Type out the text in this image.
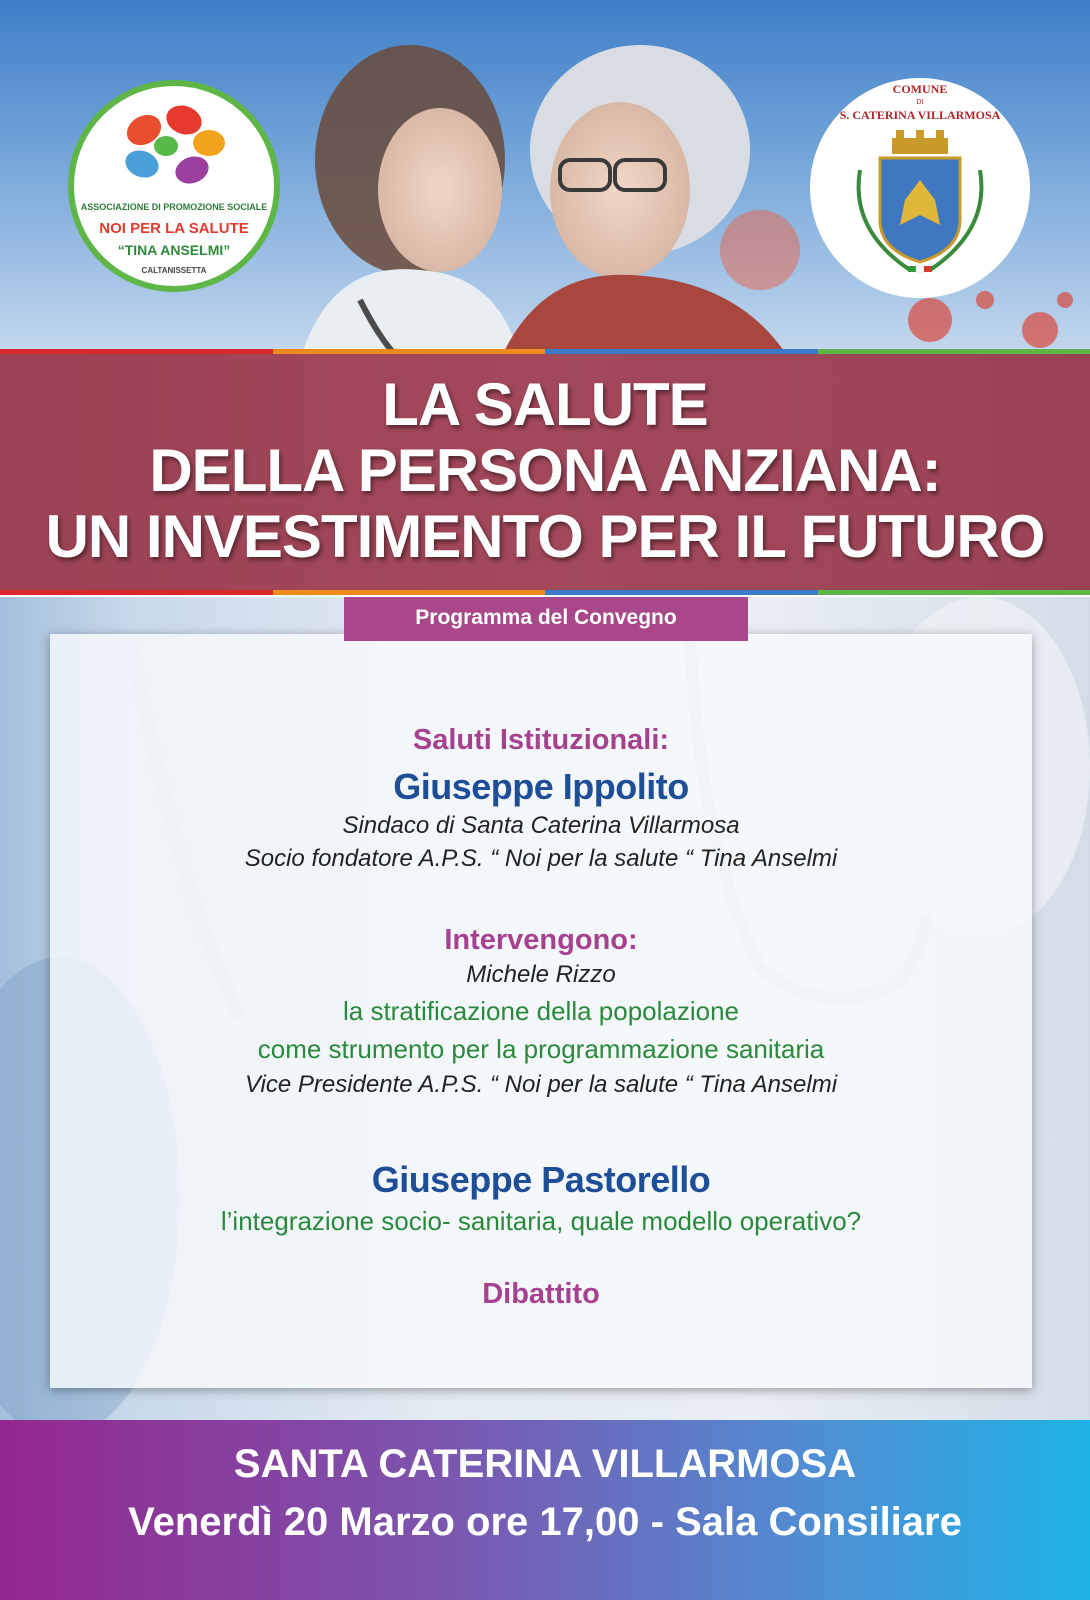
ASSOCIAZIONE DI PROMOZIONE SOCIALE
NOI PER LA SALUTE
“TINA ANSELMI”
CALTANISSETTA
COMUNE
DI
S. CATERINA VILLARMOSA
LA SALUTE
DELLA PERSONA ANZIANA:
UN INVESTIMENTO PER IL FUTURO
Programma del Convegno
Saluti Istituzionali:
Giuseppe Ippolito
Sindaco di Santa Caterina Villarmosa
Socio fondatore A.P.S. “ Noi per la salute “ Tina Anselmi
Intervengono:
Michele Rizzo
la stratificazione della popolazione
come strumento per la programmazione sanitaria
Vice Presidente A.P.S. “ Noi per la salute “ Tina Anselmi
Giuseppe Pastorello
l’integrazione socio- sanitaria, quale modello operativo?
Dibattito
SANTA CATERINA VILLARMOSA
Venerdì 20 Marzo ore 17,00 - Sala Consiliare
